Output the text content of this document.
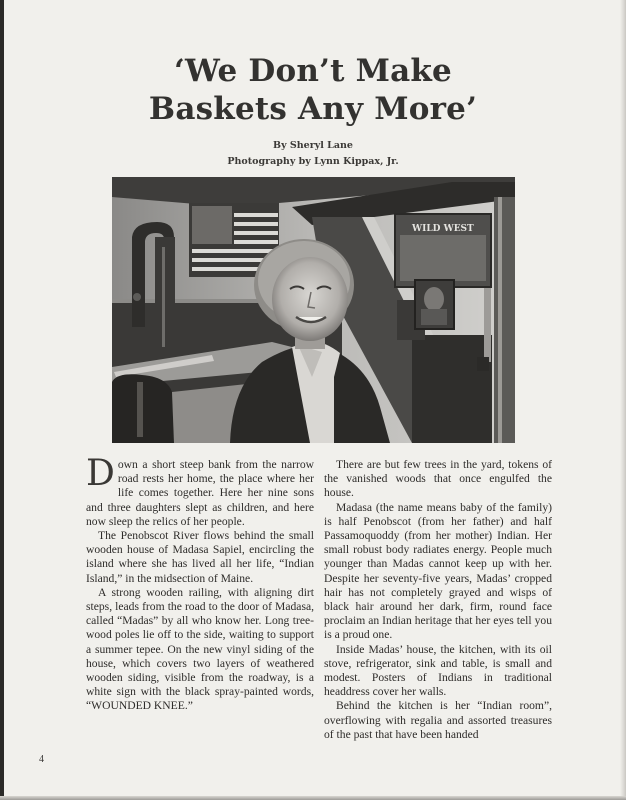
‘We Don’t Make
Baskets Any More’
By Sheryl Lane
Photography by Lynn Kippax, Jr.
WILD WEST

Down a short steep bank from the narrow road rests her home, the place where her life comes together. Here her nine sons and three daughters slept as children, and here now sleep the relics of her people.

The Penobscot River flows behind the small wooden house of Madasa Sapiel, encircling the island where she has lived all her life, “Indian Island,” in the midsection of Maine.

A strong wooden railing, with aligning dirt steps, leads from the road to the door of Madasa, called “Madas” by all who know her. Long tree-wood poles lie off to the side, waiting to support a summer tepee. On the new vinyl siding of the house, which covers two layers of weathered wooden siding, visible from the roadway, is a white sign with the black spray-painted words, “WOUNDED KNEE.”

There are but few trees in the yard, tokens of the vanished woods that once engulfed the house.

Madasa (the name means baby of the family) is half Penobscot (from her father) and half Passamoquoddy (from her mother) Indian. Her small robust body radiates energy. People much younger than Madas cannot keep up with her. Despite her seventy-five years, Madas’ cropped hair has not completely grayed and wisps of black hair around her dark, firm, round face proclaim an Indian heritage that her eyes tell you is a proud one.

Inside Madas’ house, the kitchen, with its oil stove, refrigerator, sink and table, is small and modest. Posters of Indians in traditional headdress cover her walls.

Behind the kitchen is her “Indian room”, overflowing with regalia and assorted treasures of the past that have been handed

4
